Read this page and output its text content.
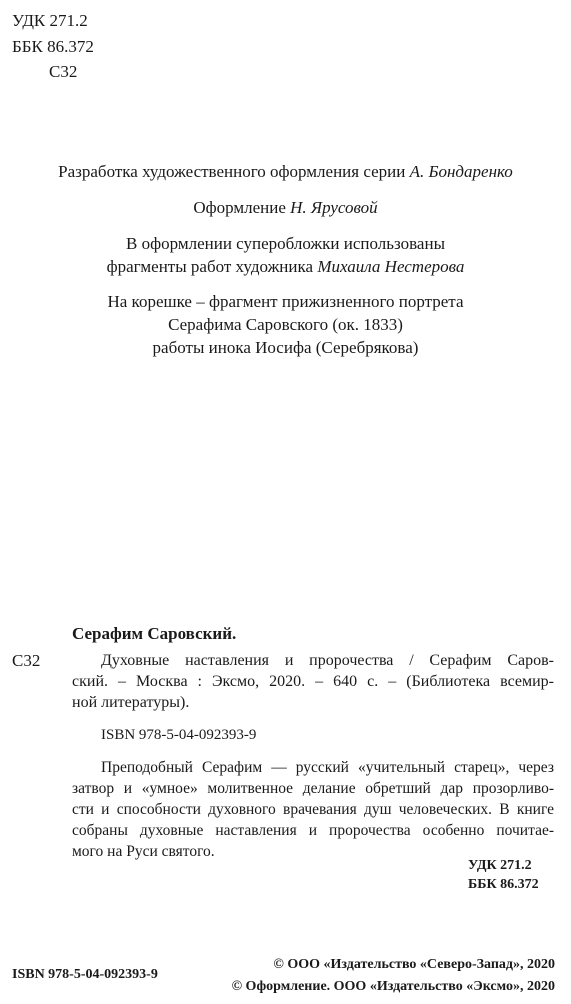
УДК 271.2
ББК 86.372
С32

Разработка художественного оформления серии А. Бондаренко

Оформление Н. Ярусовой

В оформлении суперобложки использованы

фрагменты работ художника Михаила Нестерова

На корешке – фрагмент прижизненного портрета

Серафима Саровского (ок. 1833)

работы инока Иосифа (Серебрякова)

Серафим Саровский.
С32	Духовные наставления и пророчества / Серафим Саров-
ский. – Москва : Эксмо, 2020. – 640 с. – (Библиотека всемир-
ной литературы).
ISBN 978-5-04-092393-9
Преподобный Серафим — русский «учительный старец», через
затвор и «умное» молитвенное делание обретший дар прозорливо-
сти и способности духовного врачевания душ человеческих. В книге
собраны духовные наставления и пророчества особенно почитае-
мого на Руси святого.
УДК 271.2
ББК 86.372
ISBN 978-5-04-092393-9
© ООО «Издательство «Северо-Запад», 2020
© Оформление. ООО «Издательство «Эксмо», 2020
